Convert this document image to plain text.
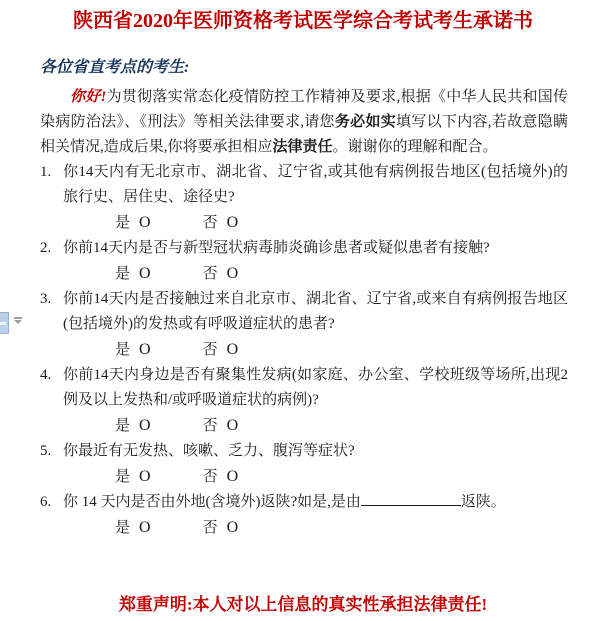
陕西省2020年医师资格考试医学综合考试考生承诺书
各位省直考点的考生:

你好!为贯彻落实常态化疫情防控工作精神及要求,根据《中华人民共和国传染病防治法》、《刑法》等相关法律要求,请您务必如实填写以下内容,若故意隐瞒相关情况,造成后果,你将要承担相应法律责任。谢谢你的理解和配合。

1. 你14天内有无北京市、湖北省、辽宁省,或其他有病例报告地区(包括境外)的旅行史、居住史、途径史?
是 O	否 O
2. 你前14天内是否与新型冠状病毒肺炎确诊患者或疑似患者有接触?
是 O	否 O
3. 你前14天内是否接触过来自北京市、湖北省、辽宁省,或来自有病例报告地区(包括境外)的发热或有呼吸道症状的患者?
是 O	否 O
4. 你前14天内身边是否有聚集性发病(如家庭、办公室、学校班级等场所,出现2例及以上发热和/或呼吸道症状的病例)?
是 O	否 O
5. 你最近有无发热、咳嗽、乏力、腹泻等症状?
是 O	否 O
6. 你 14 天内是否由外地(含境外)返陕?如是,是由	返陕。
是 O	否 O
郑重声明:本人对以上信息的真实性承担法律责任!
